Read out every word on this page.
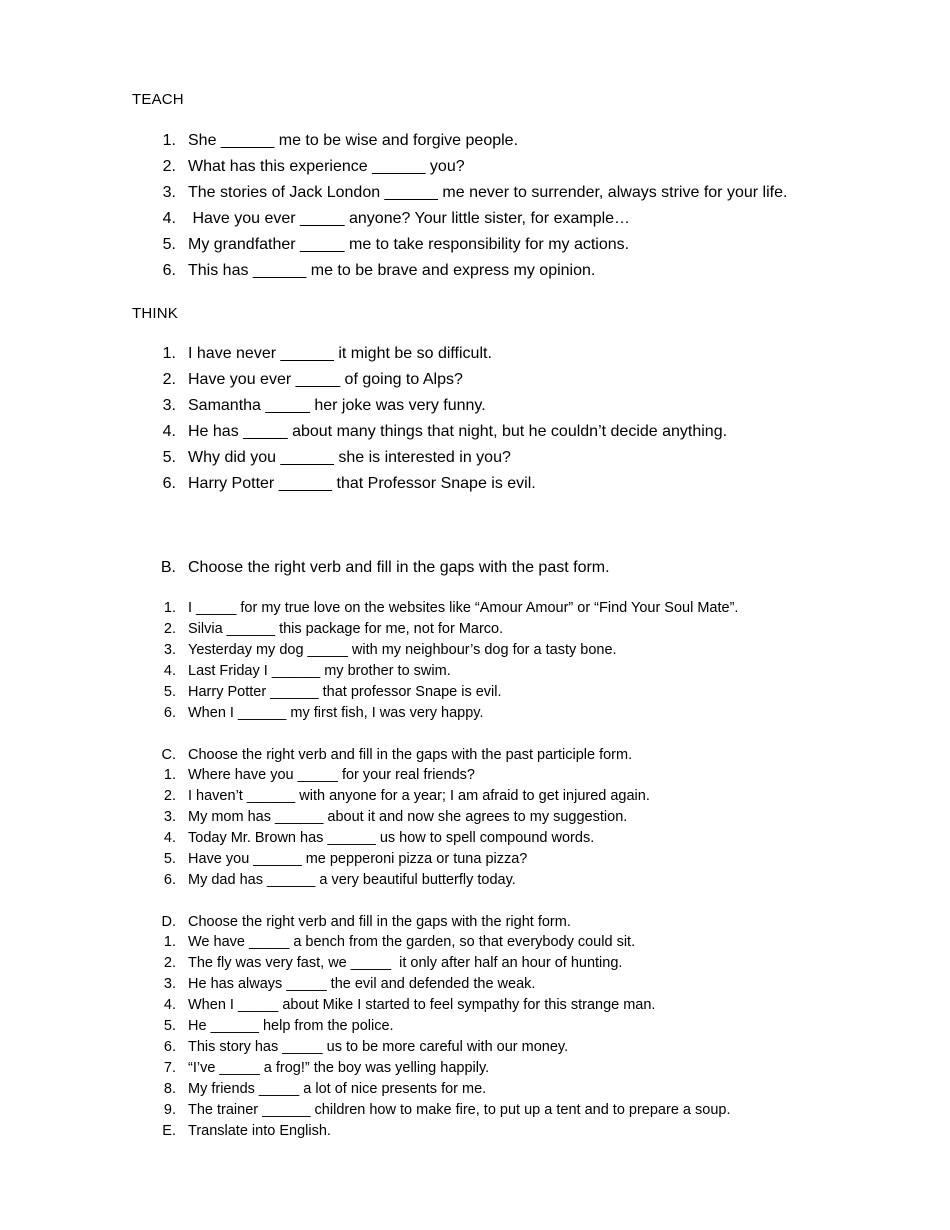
TEACH
1. She ______ me to be wise and forgive people.
2. What has this experience ______ you?
3. The stories of Jack London ______ me never to surrender, always strive for your life.
4. Have you ever _____ anyone? Your little sister, for example…
5. My grandfather _____ me to take responsibility for my actions.
6. This has ______ me to be brave and express my opinion.
THINK
1. I have never ______ it might be so difficult.
2. Have you ever _____ of going to Alps?
3. Samantha _____ her joke was very funny.
4. He has _____ about many things that night, but he couldn’t decide anything.
5. Why did you ______ she is interested in you?
6. Harry Potter ______ that Professor Snape is evil.
B. Choose the right verb and fill in the gaps with the past form.
1. I _____ for my true love on the websites like “Amour Amour” or “Find Your Soul Mate”.
2. Silvia ______ this package for me, not for Marco.
3. Yesterday my dog _____ with my neighbour’s dog for a tasty bone.
4. Last Friday I ______ my brother to swim.
5. Harry Potter ______ that professor Snape is evil.
6. When I ______ my first fish, I was very happy.
C. Choose the right verb and fill in the gaps with the past participle form.
1. Where have you _____ for your real friends?
2. I haven’t ______ with anyone for a year; I am afraid to get injured again.
3. My mom has ______ about it and now she agrees to my suggestion.
4. Today Mr. Brown has ______ us how to spell compound words.
5. Have you ______ me pepperoni pizza or tuna pizza?
6. My dad has ______ a very beautiful butterfly today.
D. Choose the right verb and fill in the gaps with the right form.
1. We have _____ a bench from the garden, so that everybody could sit.
2. The fly was very fast, we _____  it only after half an hour of hunting.
3. He has always _____ the evil and defended the weak.
4. When I _____ about Mike I started to feel sympathy for this strange man.
5. He ______ help from the police.
6. This story has _____ us to be more careful with our money.
7. “I’ve _____ a frog!” the boy was yelling happily.
8. My friends _____ a lot of nice presents for me.
9. The trainer ______ children how to make fire, to put up a tent and to prepare a soup.
E. Translate into English.
